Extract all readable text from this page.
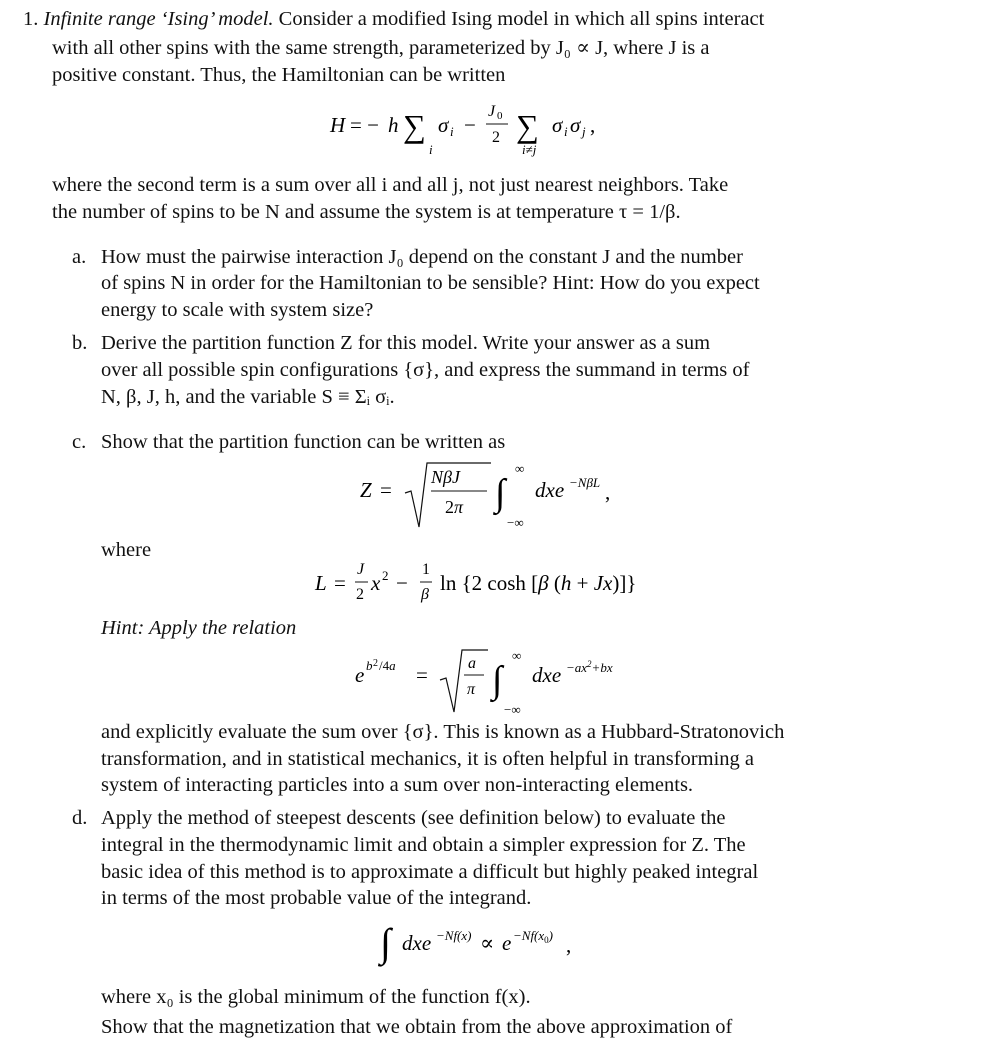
1. Infinite range ‘Ising’ model. Consider a modified Ising model in which all spins interact
with all other spins with the same strength, parameterized by J₀ ∝ J, where J is a
positive constant. Thus, the Hamiltonian can be written
H = − h ∑
i
σ i −
J 0
2 ∑
i≠j
σ i σ j ,
where the second term is a sum over all i and all j, not just nearest neighbors. Take
the number of spins to be N and assume the system is at temperature τ = 1/β.
a. How must the pairwise interaction J₀ depend on the constant J and the number
of spins N in order for the Hamiltonian to be sensible? Hint: How do you expect
energy to scale with system size?
b. Derive the partition function Z for this model. Write your answer as a sum
over all possible spin configurations {σ}, and express the summand in terms of
N, β, J, h, and the variable S ≡ Σᵢ σᵢ.
c. Show that the partition function can be written as
Z =
NβJ
2π ∫
∞
−∞
dxe −NβL ,
where
L =
J
2 x 2 −
1
β ln {2 cosh [β (h + Jx)]}
Hint: Apply the relation
e b 2 /4a =	a
π ∫
∞
−∞
dxe $-ax^2+bx$
and explicitly evaluate the sum over {σ}. This is known as a Hubbard-Stratonovich
transformation, and in statistical mechanics, it is often helpful in transforming a
system of interacting particles into a sum over non-interacting elements.
d. Apply the method of steepest descents (see definition below) to evaluate the
integral in the thermodynamic limit and obtain a simpler expression for Z. The
basic idea of this method is to approximate a difficult but highly peaked integral
in terms of the most probable value of the integrand.
∫ dxe $-Nf(x) \propto e -Nf(x_0)$ ,
where x₀ is the global minimum of the function f(x).
Show that the magnetization that we obtain from the above approximation of
